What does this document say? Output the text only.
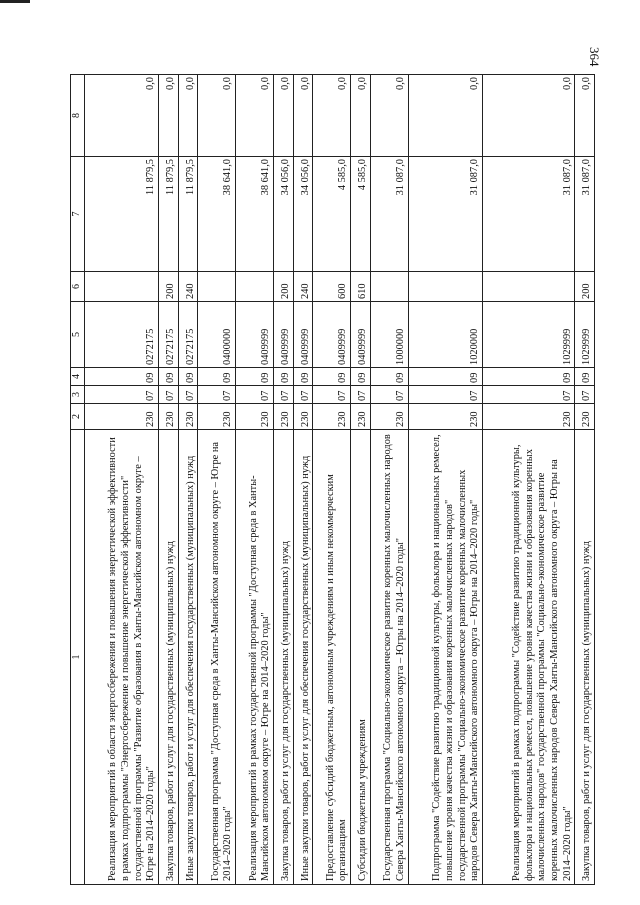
364
1	2	3	4	5	6	7	8
Реализация мероприятий в области энергосбережения и повышения энергетической эффективности в рамках подпрограммы "Энергосбережение и повышение энергетической эффективности" государственной программы "Развитие образования в Ханты-Мансийском автономном округе – Югре на 2014–2020 годы"	230	07	09	0272175		11 879,5	0,0
Закупка товаров, работ и услуг для государственных (муниципальных) нужд	230	07	09	0272175	200	11 879,5	0,0
Иные закупки товаров, работ и услуг для обеспечения государственных (муниципальных) нужд	230	07	09	0272175	240	11 879,5	0,0
Государственная программа "Доступная среда в Ханты-Мансийском автономном округе – Югре на 2014–2020 годы"	230	07	09	0400000		38 641,0	0,0
Реализация мероприятий в рамках государственной программы "Доступная среда в Ханты-Мансийском автономном округе – Югре на 2014–2020 годы"	230	07	09	0409999		38 641,0	0,0
Закупка товаров, работ и услуг для государственных (муниципальных) нужд	230	07	09	0409999	200	34 056,0	0,0
Иные закупки товаров, работ и услуг для обеспечения государственных (муниципальных) нужд	230	07	09	0409999	240	34 056,0	0,0
Предоставление субсидий бюджетным, автономным учреждениям и иным некоммерческим организациям	230	07	09	0409999	600	4 585,0	0,0
Субсидии бюджетным учреждениям	230	07	09	0409999	610	4 585,0	0,0
Государственная программа "Социально-экономическое развитие коренных малочисленных народов Севера Ханты-Мансийского автономного округа – Югры на 2014–2020 годы"	230	07	09	1000000		31 087,0	0,0
Подпрограмма "Содействие развитию традиционной культуры, фольклора и национальных ремесел, повышение уровня качества жизни и образования коренных малочисленных народов" государственной программы "Социально-экономическое развитие коренных малочисленных народов Севера Ханты-Мансийского автономного округа – Югры на 2014–2020 годы"	230	07	09	1020000		31 087,0	0,0
Реализация мероприятий в рамках подпрограммы "Содействие развитию традиционной культуры, фольклора и национальных ремесел, повышение уровня качества жизни и образования коренных малочисленных народов" государственной программы "Социально-экономическое развитие коренных малочисленных народов Севера Ханты-Мансийского автономного округа – Югры на 2014–2020 годы"	230	07	09	1029999		31 087,0	0,0
Закупка товаров, работ и услуг для государственных (муниципальных) нужд	230	07	09	1029999	200	31 087,0	0,0
